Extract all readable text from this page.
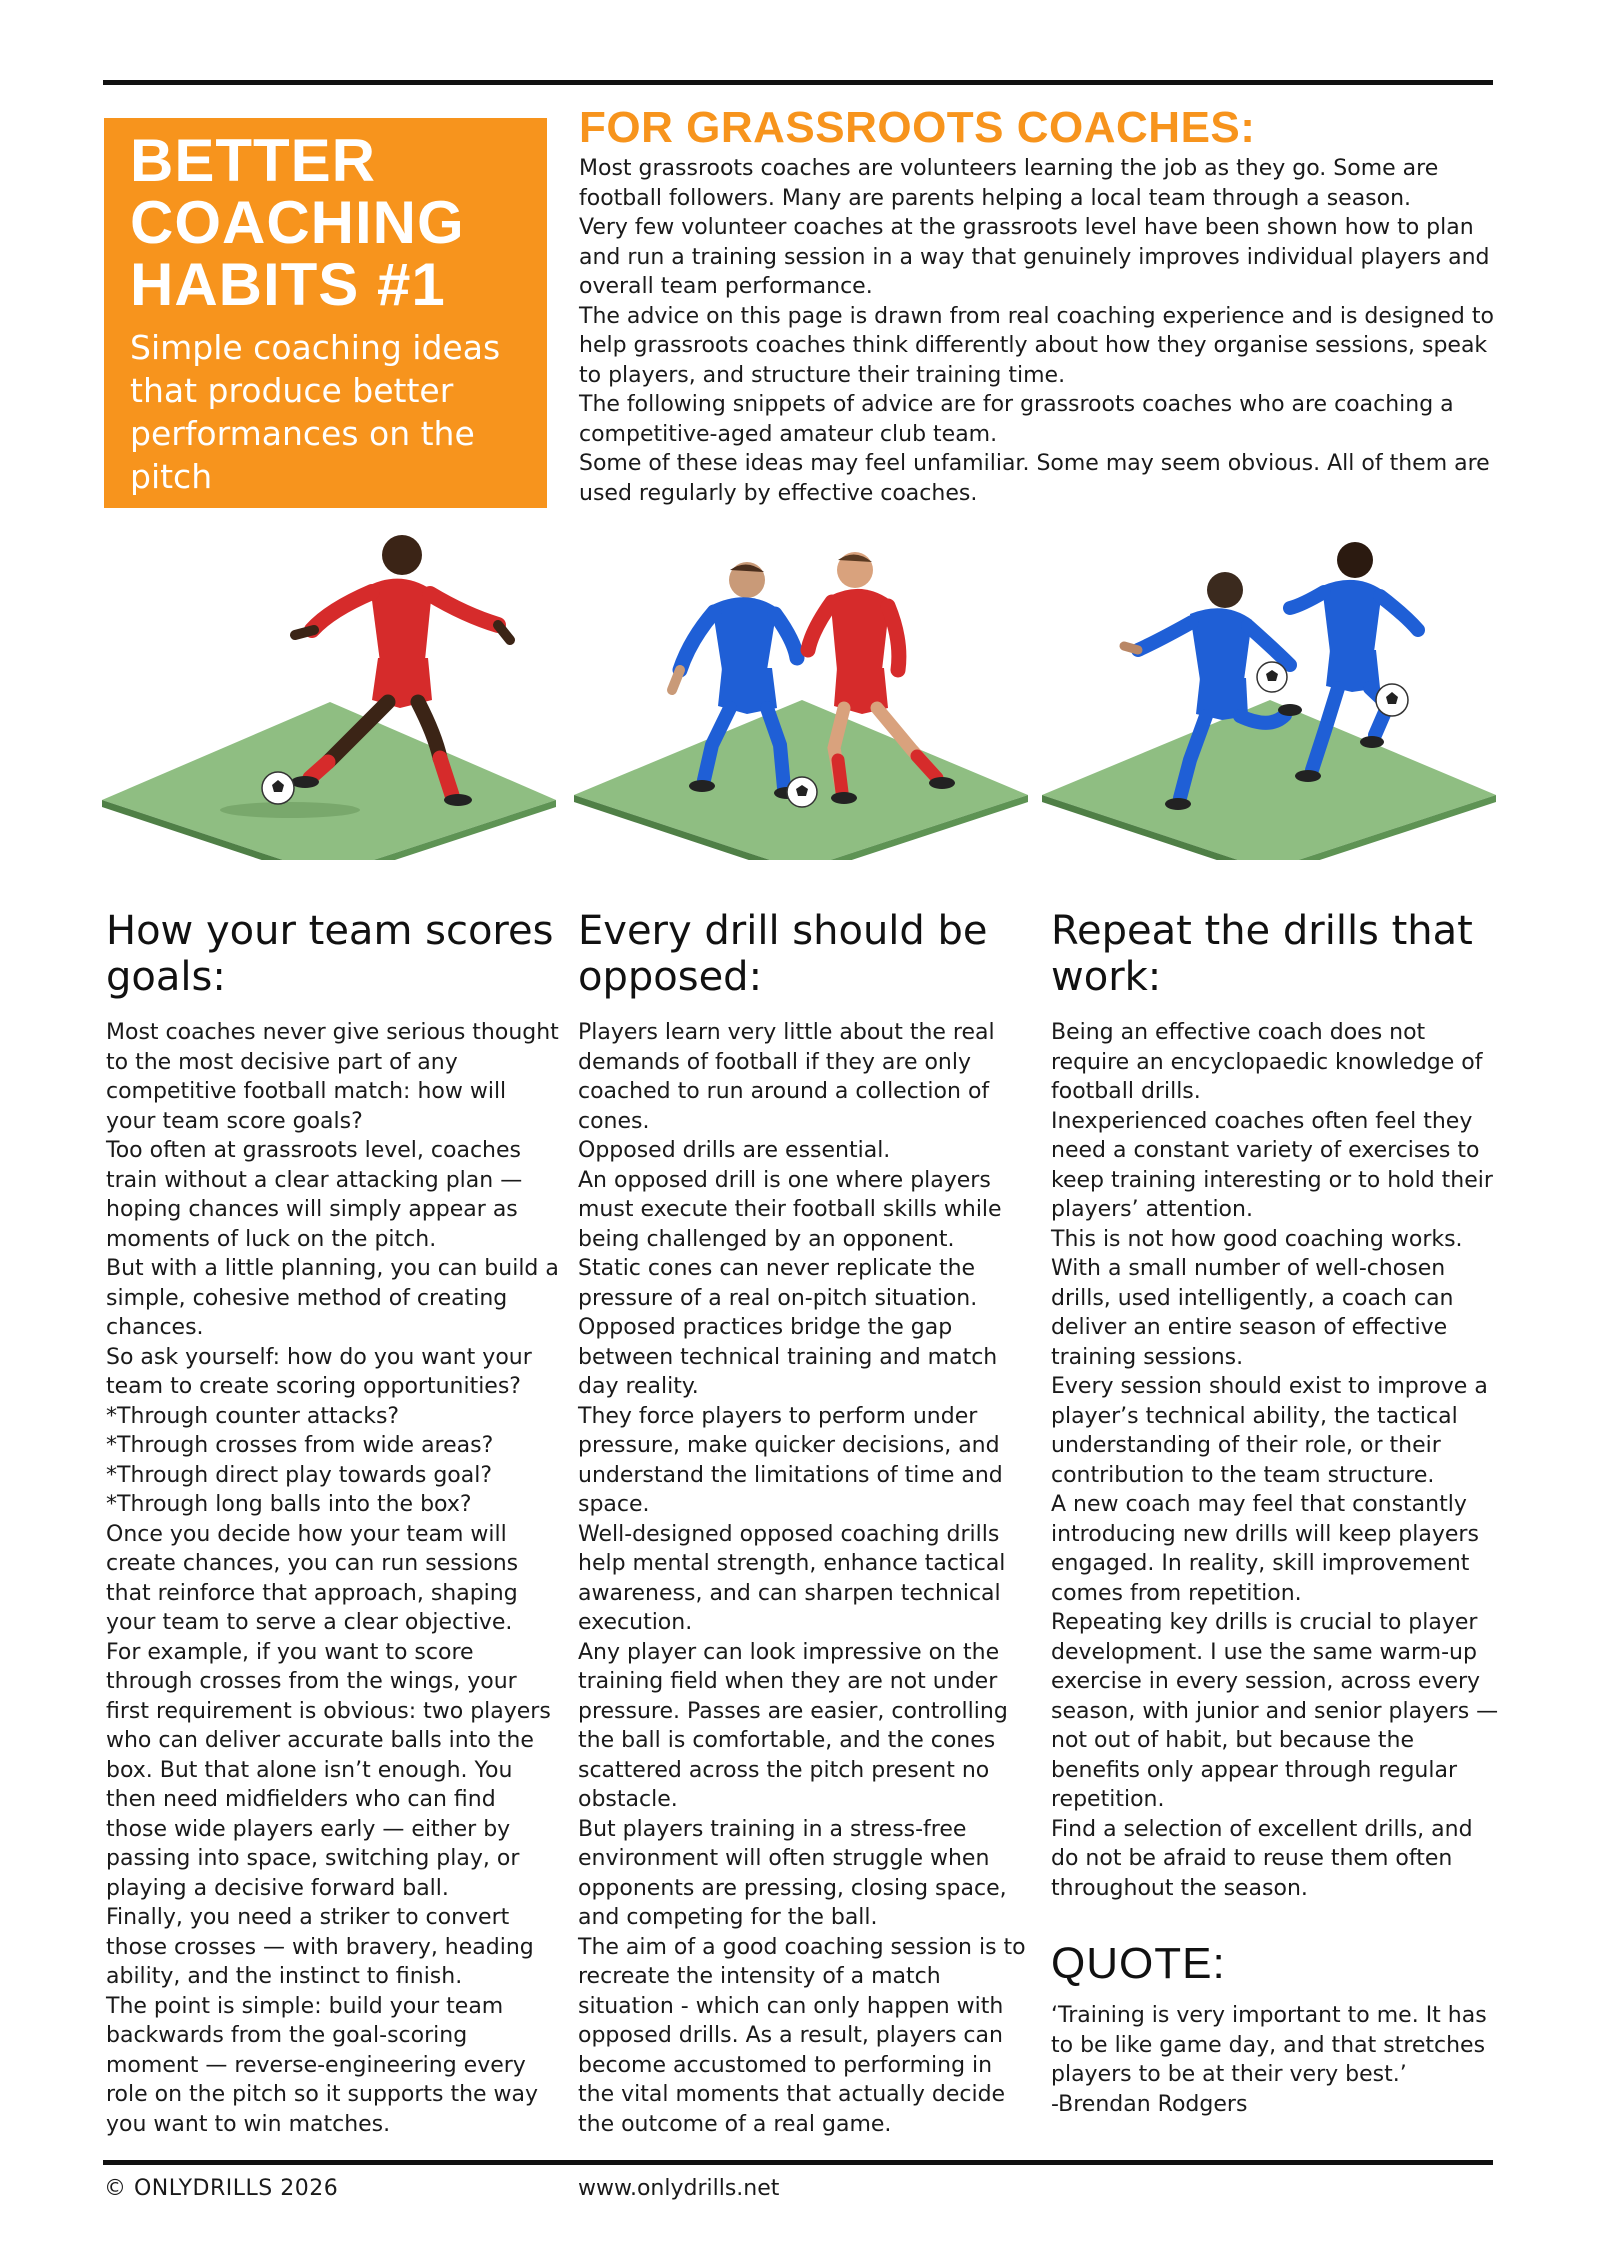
BETTER
COACHING
HABITS #1
Simple coaching ideas that produce better performances on the pitch
FOR GRASSROOTS COACHES:

Most grassroots coaches are volunteers learning the job as they go. Some are football followers. Many are parents helping a local team through a season.

Very few volunteer coaches at the grassroots level have been shown how to plan and run a training session in a way that genuinely improves individual players and overall team performance.

The advice on this page is drawn from real coaching experience and is designed to help grassroots coaches think differently about how they organise sessions, speak to players, and structure their training time.

The following snippets of advice are for grassroots coaches who are coaching a competitive-aged amateur club team.

Some of these ideas may feel unfamiliar. Some may seem obvious. All of them are used regularly by effective coaches.

How your team scores goals:

Most coaches never give serious thought to the most decisive part of any competitive football match: how will your team score goals?

Too often at grassroots level, coaches train without a clear attacking plan — hoping chances will simply appear as moments of luck on the pitch.

But with a little planning, you can build a simple, cohesive method of creating chances.

So ask yourself: how do you want your team to create scoring opportunities?

*Through counter attacks?

*Through crosses from wide areas?

*Through direct play towards goal?

*Through long balls into the box?

Once you decide how your team will create chances, you can run sessions that reinforce that approach, shaping your team to serve a clear objective.

For example, if you want to score through crosses from the wings, your first requirement is obvious: two players who can deliver accurate balls into the box. But that alone isn’t enough. You then need midfielders who can find those wide players early — either by passing into space, switching play, or playing a decisive forward ball.

Finally, you need a striker to convert those crosses — with bravery, heading ability, and the instinct to finish.

The point is simple: build your team backwards from the goal-scoring moment — reverse-engineering every role on the pitch so it supports the way you want to win matches.

Every drill should be opposed:

Players learn very little about the real demands of football if they are only coached to run around a collection of cones.

Opposed drills are essential.

An opposed drill is one where players must execute their football skills while being challenged by an opponent.

Static cones can never replicate the pressure of a real on-pitch situation.

Opposed practices bridge the gap between technical training and match day reality.

They force players to perform under pressure, make quicker decisions, and understand the limitations of time and space.

Well-designed opposed coaching drills help mental strength, enhance tactical awareness, and can sharpen technical execution.

Any player can look impressive on the training field when they are not under pressure. Passes are easier, controlling the ball is comfortable, and the cones scattered across the pitch present no obstacle.

But players training in a stress-free environment will often struggle when opponents are pressing, closing space, and competing for the ball.

The aim of a good coaching session is to recreate the intensity of a match situation - which can only happen with opposed drills. As a result, players can become accustomed to performing in the vital moments that actually decide the outcome of a real game.

Repeat the drills that work:

Being an effective coach does not require an encyclopaedic knowledge of football drills.

Inexperienced coaches often feel they need a constant variety of exercises to keep training interesting or to hold their players’ attention.

This is not how good coaching works.

With a small number of well-chosen drills, used intelligently, a coach can deliver an entire season of effective training sessions.

Every session should exist to improve a player’s technical ability, the tactical understanding of their role, or their contribution to the team structure.

A new coach may feel that constantly introducing new drills will keep players engaged. In reality, skill improvement comes from repetition.

Repeating key drills is crucial to player development. I use the same warm-up exercise in every session, across every season, with junior and senior players — not out of habit, but because the benefits only appear through regular repetition.

Find a selection of excellent drills, and do not be afraid to reuse them often throughout the season.

QUOTE:

‘Training is very important to me. It has to be like game day, and that stretches players to be at their very best.’

-Brendan Rodgers

© ONLYDRILLS 2026	www.onlydrills.net
